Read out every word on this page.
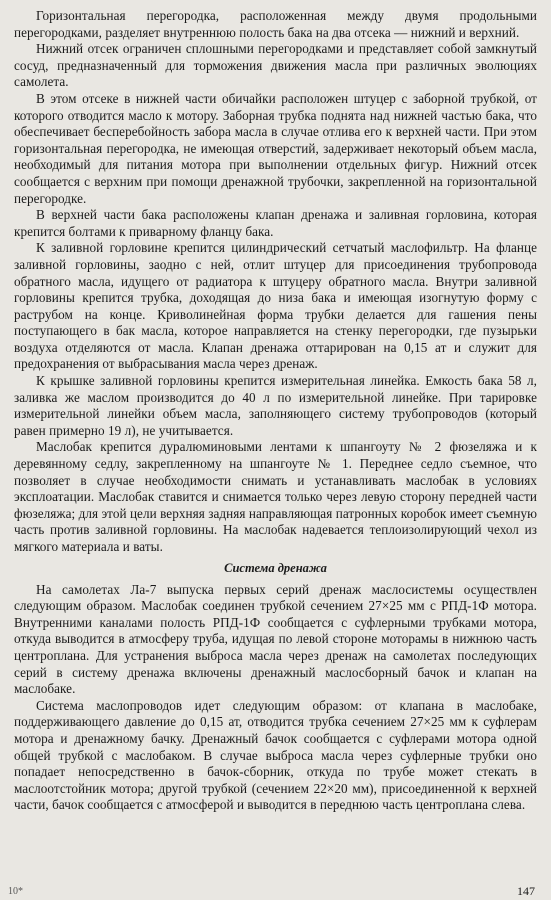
Горизонтальная перегородка, расположенная между двумя продольными перегородками, разделяет внутреннюю полость бака на два отсека — нижний и верхний.

Нижний отсек ограничен сплошными перегородками и представляет собой замкнутый сосуд, предназначенный для торможения движения масла при различных эволюциях самолета.

В этом отсеке в нижней части обичайки расположен штуцер с заборной трубкой, от которого отводится масло к мотору. Заборная трубка поднята над нижней частью бака, что обеспечивает бесперебойность забора масла в случае отлива его к верхней части. При этом горизонтальная перегородка, не имеющая отверстий, задерживает некоторый объем масла, необходимый для питания мотора при выполнении отдельных фигур. Нижний отсек сообщается с верхним при помощи дренажной трубочки, закрепленной на горизонтальной перегородке.

В верхней части бака расположены клапан дренажа и заливная горловина, которая крепится болтами к приварному фланцу бака.

К заливной горловине крепится цилиндрический сетчатый маслофильтр. На фланце заливной горловины, заодно с ней, отлит штуцер для присоединения трубопровода обратного масла, идущего от радиатора к штуцеру обратного масла. Внутри заливной горловины крепится трубка, доходящая до низа бака и имеющая изогнутую форму с раструбом на конце. Криволинейная форма трубки делается для гашения пены поступающего в бак масла, которое направляется на стенку перегородки, где пузырьки воздуха отделяются от масла. Клапан дренажа оттарирован на 0,15 ат и служит для предохранения от выбрасывания масла через дренаж.

К крышке заливной горловины крепится измерительная линейка. Емкость бака 58 л, заливка же маслом производится до 40 л по измерительной линейке. При тарировке измерительной линейки объем масла, заполняющего систему трубопроводов (который равен примерно 19 л), не учитывается.

Маслобак крепится дуралюминовыми лентами к шпангоуту № 2 фюзеляжа и к деревянному седлу, закрепленному на шпангоуте № 1. Переднее седло съемное, что позволяет в случае необходимости снимать и устанавливать маслобак в условиях эксплоатации. Маслобак ставится и снимается только через левую сторону передней части фюзеляжа; для этой цели верхняя задняя направляющая патронных коробок имеет съемную часть против заливной горловины. На маслобак надевается теплоизолирующий чехол из мягкого материала и ваты.

Система дренажа

На самолетах Ла-7 выпуска первых серий дренаж маслосистемы осуществлен следующим образом. Маслобак соединен трубкой сечением 27×25 мм с РПД-1Ф мотора. Внутренними каналами полость РПД-1Ф сообщается с суфлерными трубками мотора, откуда выводится в атмосферу труба, идущая по левой стороне моторамы в нижнюю часть центроплана. Для устранения выброса масла через дренаж на самолетах последующих серий в систему дренажа включены дренажный маслосборный бачок и клапан на маслобаке.

Система маслопроводов идет следующим образом: от клапана в маслобаке, поддерживающего давление до 0,15 ат, отводится трубка сечением 27×25 мм к суфлерам мотора и дренажному бачку. Дренажный бачок сообщается с суфлерами мотора одной общей трубкой с маслобаком. В случае выброса масла через суфлерные трубки оно попадает непосредственно в бачок-сборник, откуда по трубе может стекать в маслоотстойник мотора; другой трубкой (сечением 22×20 мм), присоединенной к верхней части, бачок сообщается с атмосферой и выводится в переднюю часть центроплана слева.

10*	147
